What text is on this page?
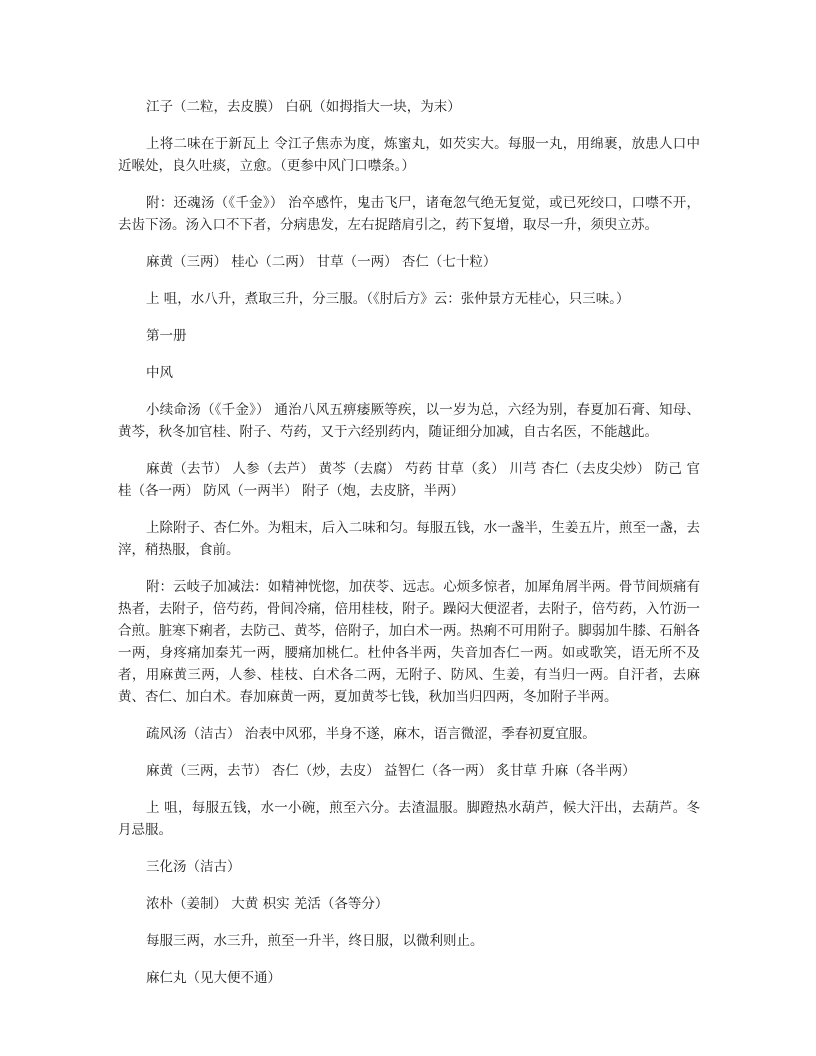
江子（二粒，去皮膜） 白矾（如拇指大一块，为末）

上将二味在于新瓦上 令江子焦赤为度，炼蜜丸，如芡实大。每服一丸，用绵裹，放患人口中近喉处，良久吐痰，立愈。（更参中风门口噤条。）

附：还魂汤（《千金》） 治卒感忤，鬼击飞尸，诸奄忽气绝无复觉，或已死绞口，口噤不开，去齿下汤。汤入口不下者，分病患发，左右捉踏肩引之，药下复增，取尽一升，须臾立苏。

麻黄（三两） 桂心（二两） 甘草（一两） 杏仁（七十粒）

上 咀，水八升，煮取三升，分三服。（《肘后方》云：张仲景方无桂心，只三味。）

第一册

中风

小续命汤（《千金》） 通治八风五痹痿厥等疾，以一岁为总，六经为别，春夏加石膏、知母、黄芩，秋冬加官桂、附子、芍药，又于六经别药内，随证细分加减，自古名医，不能越此。

麻黄（去节） 人参（去芦） 黄芩（去腐） 芍药 甘草（炙） 川芎 杏仁（去皮尖炒） 防己 官桂（各一两） 防风（一两半） 附子（炮，去皮脐，半两）

上除附子、杏仁外。为粗末，后入二味和匀。每服五钱，水一盏半，生姜五片，煎至一盏，去滓，稍热服，食前。

附：云岐子加减法：如精神恍惚，加茯苓、远志。心烦多惊者，加犀角屑半两。骨节间烦痛有热者，去附子，倍芍药，骨间冷痛，倍用桂枝，附子。躁闷大便涩者，去附子，倍芍药，入竹沥一合煎。脏寒下痢者，去防己、黄芩，倍附子，加白术一两。热痢不可用附子。脚弱加牛膝、石斛各一两，身疼痛加秦艽一两，腰痛加桃仁。杜仲各半两，失音加杏仁一两。如或歌笑，语无所不及者，用麻黄三两，人参、桂枝、白术各二两，无附子、防风、生姜，有当归一两。自汗者，去麻黄、杏仁、加白术。春加麻黄一两，夏加黄芩七钱，秋加当归四两，冬加附子半两。

疏风汤（洁古） 治表中风邪，半身不遂，麻木，语言微涩，季春初夏宜服。

麻黄（三两，去节） 杏仁（炒，去皮） 益智仁（各一两） 炙甘草 升麻（各半两）

上 咀，每服五钱，水一小碗，煎至六分。去渣温服。脚蹬热水葫芦，候大汗出，去葫芦。冬月忌服。

三化汤（洁古）

浓朴（姜制） 大黄 枳实 羌活（各等分）

每服三两，水三升，煎至一升半，终日服，以微利则止。

麻仁丸（见大便不通）
